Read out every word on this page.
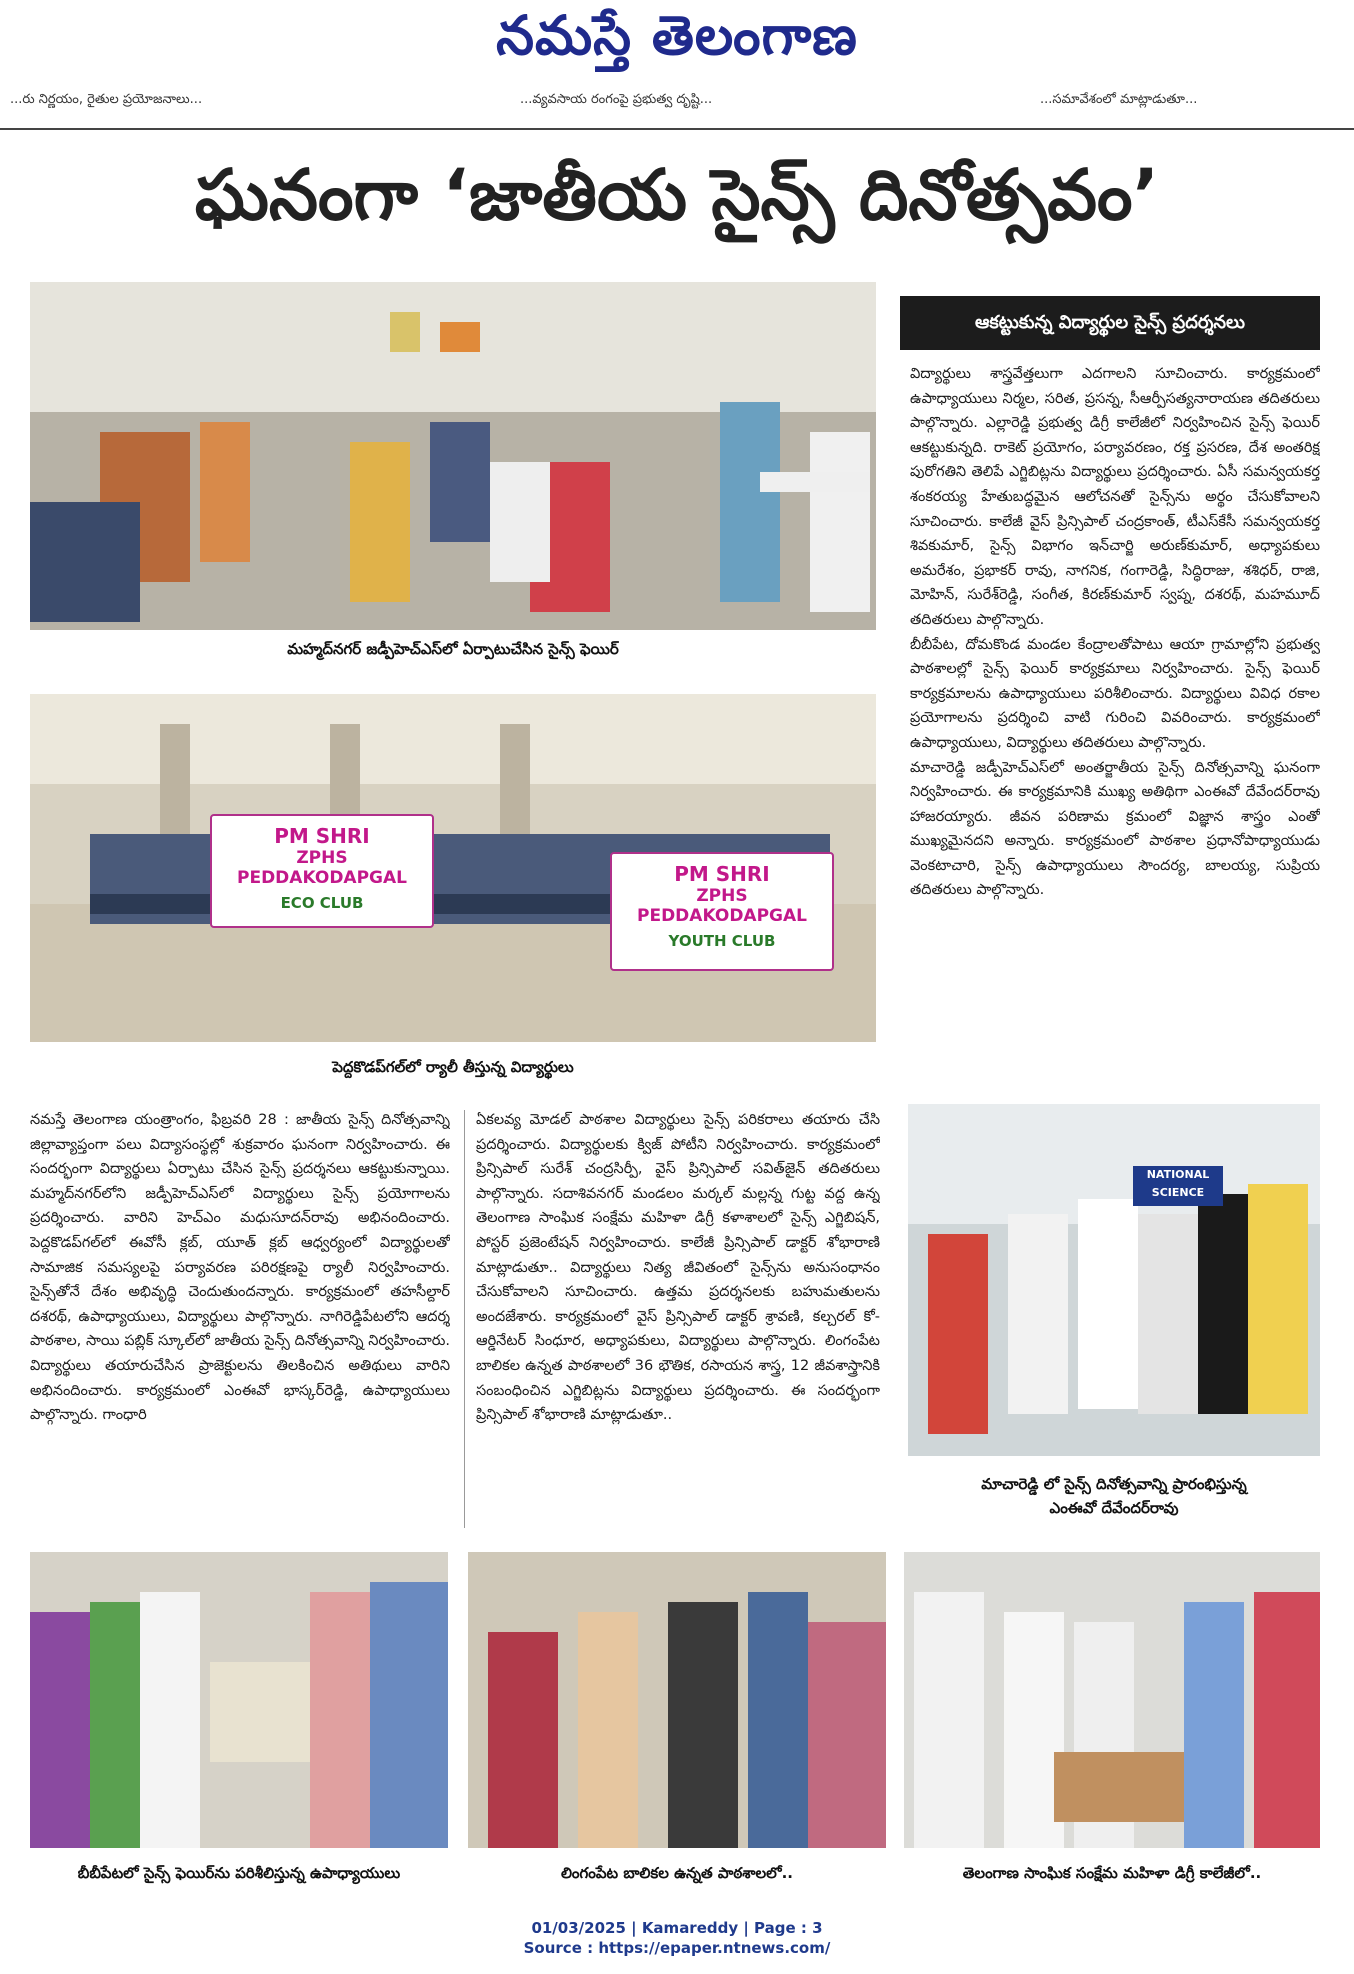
నమస్తే తెలంగాణ
...రు నిర్ణయం, రైతుల ప్రయోజనాలు...	...వ్యవసాయ రంగంపై ప్రభుత్వ దృష్టి...	...సమావేశంలో మాట్లాడుతూ...
ఘనంగా ‘జాతీయ సైన్స్ దినోత్సవం’
మహ్మద్‌నగర్ జడ్పీహెచ్ఎస్‌లో ఏర్పాటుచేసిన సైన్స్ ఫెయిర్
PM SHRI
ZPHS PEDDAKODAPGAL
ECO CLUB
PM SHRI
ZPHS PEDDAKODAPGAL
YOUTH CLUB
పెద్దకొడప్‌గల్‌లో ర్యాలీ తీస్తున్న విద్యార్థులు
ఆకట్టుకున్న విద్యార్థుల సైన్స్ ప్రదర్శనలు

విద్యార్థులు శాస్త్రవేత్తలుగా ఎదగాలని సూచించారు. కార్యక్రమంలో ఉపాధ్యాయులు నిర్మల, సరిత, ప్రసన్న, సీఆర్పీసత్యనారాయణ తదితరులు పాల్గొన్నారు. ఎల్లారెడ్డి ప్రభుత్వ డిగ్రీ కాలేజీలో నిర్వహించిన సైన్స్ ఫెయిర్ ఆకట్టుకున్నది. రాకెట్ ప్రయోగం, పర్యావరణం, రక్త ప్రసరణ, దేశ అంతరిక్ష పురోగతిని తెలిపే ఎగ్జిబిట్లను విద్యార్థులు ప్రదర్శించారు. ఏసీ సమన్వయకర్త శంకరయ్య హేతుబద్ధమైన ఆలోచనతో సైన్స్‌ను అర్థం చేసుకోవాలని సూచించారు. కాలేజీ వైస్ ప్రిన్సిపాల్ చంద్రకాంత్, టీఎస్‌కేసీ సమన్వయకర్త శివకుమార్, సైన్స్ విభాగం ఇన్‌చార్జి అరుణ్‌కుమార్, అధ్యాపకులు అమరేశం, ప్రభాకర్ రావు, నాగనిక, గంగారెడ్డి, సిద్ధిరాజు, శశిధర్, రాజి, మోహిన్, సురేశ్‌రెడ్డి, సంగీత, కిరణ్‌కుమార్ స్వప్న, దశరథ్, మహమూద్ తదితరులు పాల్గొన్నారు.

బీబీపేట, దోమకొండ మండల కేంద్రాలతోపాటు ఆయా గ్రామాల్లోని ప్రభుత్వ పాఠశాలల్లో సైన్స్ ఫెయిర్ కార్యక్రమాలు నిర్వహించారు. సైన్స్ ఫెయిర్ కార్యక్రమాలను ఉపాధ్యాయులు పరిశీలించారు. విద్యార్థులు వివిధ రకాల ప్రయోగాలను ప్రదర్శించి వాటి గురించి వివరించారు. కార్యక్రమంలో ఉపాధ్యాయులు, విద్యార్థులు తదితరులు పాల్గొన్నారు.

మాచారెడ్డి జడ్పీహెచ్ఎస్‌లో అంతర్జాతీయ సైన్స్ దినోత్సవాన్ని ఘనంగా నిర్వహించారు. ఈ కార్యక్రమానికి ముఖ్య అతిథిగా ఎంఈవో దేవేందర్‌రావు హాజరయ్యారు. జీవన పరిణామ క్రమంలో విజ్ఞాన శాస్త్రం ఎంతో ముఖ్యమైనదని అన్నారు. కార్యక్రమంలో పాఠశాల ప్రధానోపాధ్యాయుడు వెంకటాచారి, సైన్స్ ఉపాధ్యాయులు సౌందర్య, బాలయ్య, సుప్రియ తదితరులు పాల్గొన్నారు.

నమస్తే తెలంగాణ యంత్రాంగం, ఫిబ్రవరి 28 : జాతీయ సైన్స్ దినోత్సవాన్ని జిల్లావ్యాప్తంగా పలు విద్యాసంస్థల్లో శుక్రవారం ఘనంగా నిర్వహించారు. ఈ సందర్భంగా విద్యార్థులు ఏర్పాటు చేసిన సైన్స్ ప్రదర్శనలు ఆకట్టుకున్నాయి. మహ్మద్‌నగర్‌లోని జడ్పీహెచ్ఎస్‌లో విద్యార్థులు సైన్స్ ప్రయోగాలను ప్రదర్శించారు. వారిని హెచ్ఎం మధుసూదన్‌రావు అభినందించారు. పెద్దకొడప్‌గల్‌లో ఈవోసీ క్లబ్, యూత్ క్లబ్ ఆధ్వర్యంలో విద్యార్థులతో సామాజిక సమస్యలపై పర్యావరణ పరిరక్షణపై ర్యాలీ నిర్వహించారు. సైన్స్‌తోనే దేశం అభివృద్ధి చెందుతుందన్నారు. కార్యక్రమంలో తహసీల్దార్ దశరథ్, ఉపాధ్యాయులు, విద్యార్థులు పాల్గొన్నారు. నాగిరెడ్డిపేటలోని ఆదర్శ పాఠశాల, సాయి పబ్లిక్ స్కూల్‌లో జాతీయ సైన్స్ దినోత్సవాన్ని నిర్వహించారు. విద్యార్థులు తయారుచేసిన ప్రాజెక్టులను తిలకించిన అతిథులు వారిని అభినందించారు. కార్యక్రమంలో ఎంఈవో భాస్కర్‌రెడ్డి, ఉపాధ్యాయులు పాల్గొన్నారు. గాంధారి
ఏకలవ్య మోడల్ పాఠశాల విద్యార్థులు సైన్స్ పరికరాలు తయారు చేసి ప్రదర్శించారు. విద్యార్థులకు క్విజ్ పోటీని నిర్వహించారు. కార్యక్రమంలో ప్రిన్సిపాల్ సురేశ్ చంద్రసిర్పీ, వైస్ ప్రిన్సిపాల్ సవిత్‌జైన్ తదితరులు పాల్గొన్నారు. సదాశివనగర్ మండలం మర్కల్ మల్లన్న గుట్ట వద్ద ఉన్న తెలంగాణ సాంఘిక సంక్షేమ మహిళా డిగ్రీ కళాశాలలో సైన్స్ ఎగ్జిబిషన్, పోస్టర్ ప్రజెంటేషన్ నిర్వహించారు. కాలేజీ ప్రిన్సిపాల్ డాక్టర్ శోభారాణి మాట్లాడుతూ.. విద్యార్థులు నిత్య జీవితంలో సైన్స్‌ను అనుసంధానం చేసుకోవాలని సూచించారు. ఉత్తమ ప్రదర్శనలకు బహుమతులను అందజేశారు. కార్యక్రమంలో వైస్ ప్రిన్సిపాల్ డాక్టర్ శ్రావణి, కల్చరల్ కో-ఆర్డినేటర్ సింధూర, అధ్యాపకులు, విద్యార్థులు పాల్గొన్నారు. లింగంపేట బాలికల ఉన్నత పాఠశాలలో 36 భౌతిక, రసాయన శాస్త్ర, 12 జీవశాస్త్రానికి సంబంధించిన ఎగ్జిబిట్లను విద్యార్థులు ప్రదర్శించారు. ఈ సందర్భంగా ప్రిన్సిపాల్ శోభారాణి మాట్లాడుతూ..
NATIONAL SCIENCE
మాచారెడ్డి లో సైన్స్ దినోత్సవాన్ని ప్రారంభిస్తున్న
ఎంఈవో దేవేందర్‌రావు
బీబీపేటలో సైన్స్ ఫెయిర్‌ను పరిశీలిస్తున్న ఉపాధ్యాయులు	లింగంపేట బాలికల ఉన్నత పాఠశాలలో..	తెలంగాణ సాంఘిక సంక్షేమ మహిళా డిగ్రీ కాలేజీలో..
01/03/2025 | Kamareddy | Page : 3
Source : https://epaper.ntnews.com/
